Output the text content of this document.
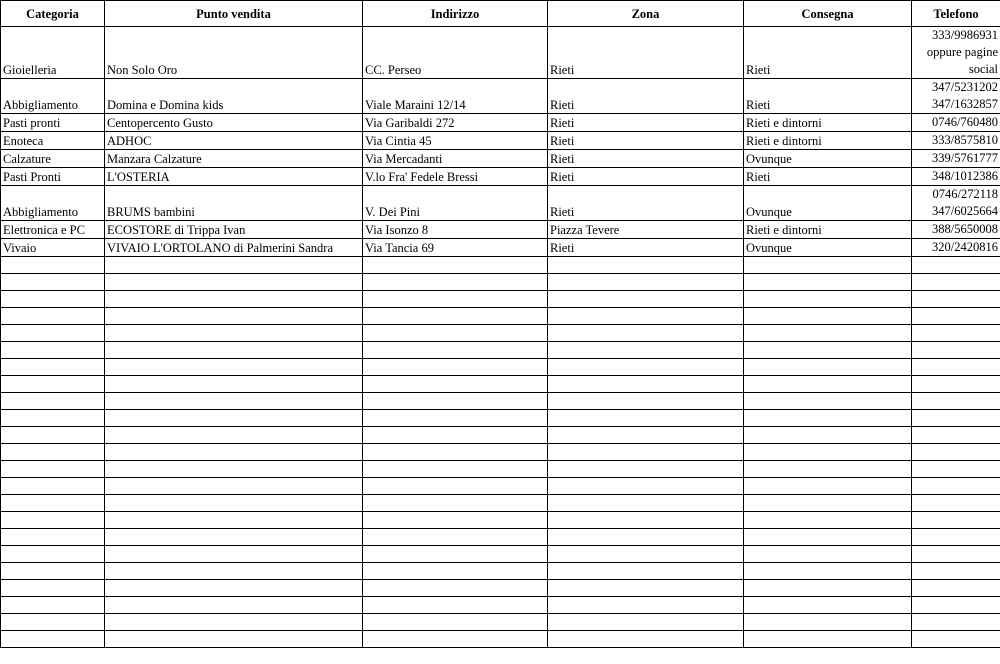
Categoria	Punto vendita	Indirizzo	Zona	Consegna	Telefono
Gioielleria	Non Solo Oro	CC. Perseo	Rieti	Rieti	333/9986931
oppure pagine
social

Abbigliamento	Domina e Domina kids	Viale Maraini 12/14	Rieti	Rieti	347/5231202
347/1632857

Pasti pronti	Centopercento Gusto	Via Garibaldi 272	Rieti	Rieti e dintorni	0746/760480

Enoteca	ADHOC	Via Cintia 45	Rieti	Rieti e dintorni	333/8575810

Calzature	Manzara Calzature	Via Mercadanti	Rieti	Ovunque	339/5761777

Pasti Pronti	L'OSTERIA	V.lo Fra' Fedele Bressi	Rieti	Rieti	348/1012386

Abbigliamento	BRUMS bambini	V. Dei Pini	Rieti	Ovunque	0746/272118
347/6025664

Elettronica e PC	ECOSTORE di Trippa Ivan	Via Isonzo 8	Piazza Tevere	Rieti e dintorni	388/5650008

Vivaio	VIVAIO L'ORTOLANO di Palmerini Sandra	Via Tancia 69	Rieti	Ovunque	320/2420816
